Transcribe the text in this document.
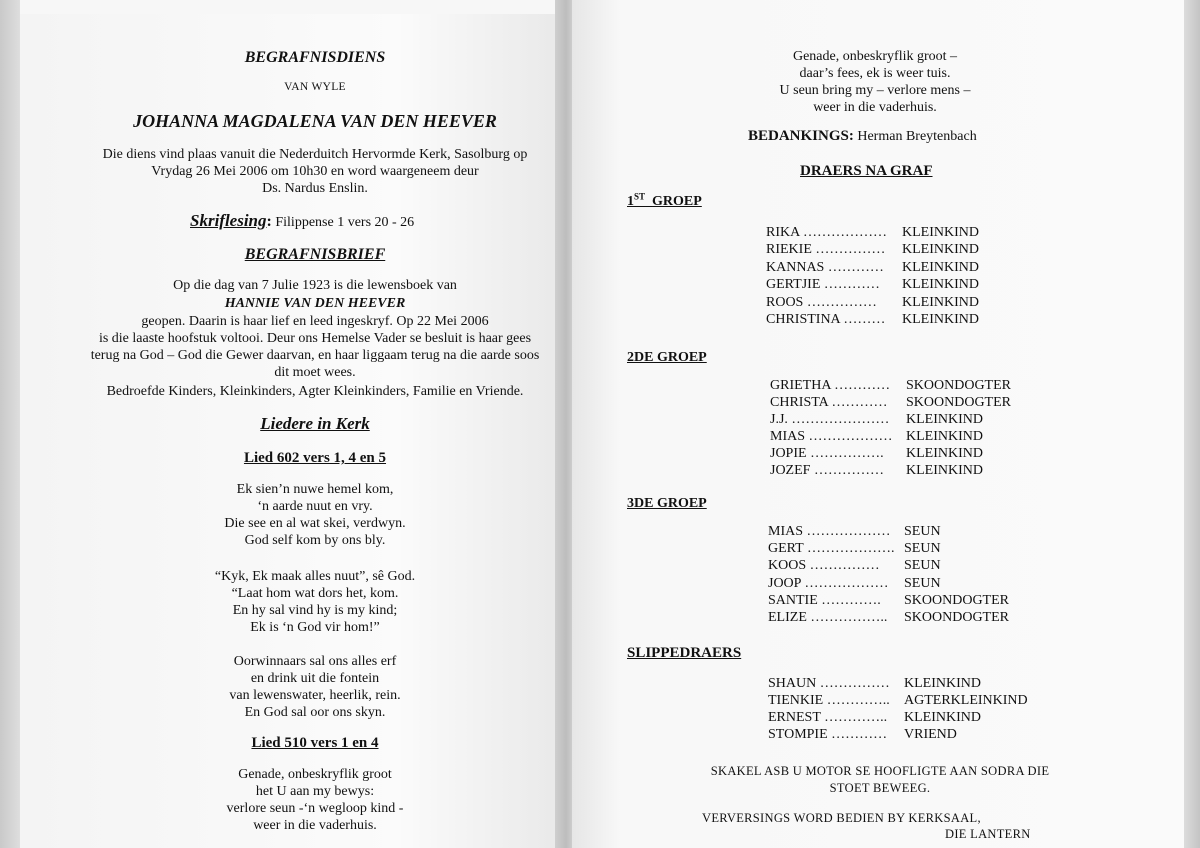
BEGRAFNISDIENS
VAN WYLE
JOHANNA MAGDALENA VAN DEN HEEVER
Die diens vind plaas vanuit die Nederduitch Hervormde Kerk, Sasolburg op
Vrydag 26 Mei 2006 om 10h30 en word waargeneem deur
Ds. Nardus Enslin.
Skriflesing: Filippense 1 vers 20 - 26
BEGRAFNISBRIEF
Op die dag van 7 Julie 1923 is die lewensboek van
HANNIE VAN DEN HEEVER
geopen. Daarin is haar lief en leed ingeskryf. Op 22 Mei 2006
is die laaste hoofstuk voltooi. Deur ons Hemelse Vader se besluit is haar gees
terug na God – God die Gewer daarvan, en haar liggaam terug na die aarde soos
dit moet wees.
Bedroefde Kinders, Kleinkinders, Agter Kleinkinders, Familie en Vriende.
Liedere in Kerk
Lied 602 vers 1, 4 en 5
Ek sien’n nuwe hemel kom,
‘n aarde nuut en vry.
Die see en al wat skei, verdwyn.
God self kom by ons bly.
“Kyk, Ek maak alles nuut”, sê God.
“Laat hom wat dors het, kom.
En hy sal vind hy is my kind;
Ek is ‘n God vir hom!”
Oorwinnaars sal ons alles erf
en drink uit die fontein
van lewenswater, heerlik, rein.
En God sal oor ons skyn.
Lied 510 vers 1 en 4
Genade, onbeskryflik groot
het U aan my bewys:
verlore seun -‘n wegloop kind -
weer in die vaderhuis.
Genade, onbeskryflik groot –
daar’s fees, ek is weer tuis.
U seun bring my – verlore mens –
weer in die vaderhuis.
BEDANKINGS: Herman Breytenbach
DRAERS NA GRAF
1ST GROEP
RIKA ……………… KLEINKIND
RIEKIE …………… KLEINKIND
KANNAS ………… KLEINKIND
GERTJIE ………… KLEINKIND
ROOS …………… KLEINKIND
CHRISTINA ……… KLEINKIND
2DE GROEP
GRIETHA ………… SKOONDOGTER
CHRISTA ………… SKOONDOGTER
J.J. ………………… KLEINKIND
MIAS ……………… KLEINKIND
JOPIE ……………. KLEINKIND
JOZEF …………… KLEINKIND
3DE GROEP
MIAS ……………… SEUN
GERT ………………. SEUN
KOOS …………… SEUN
JOOP ……………… SEUN
SANTIE …………. SKOONDOGTER
ELIZE …………….. SKOONDOGTER
SLIPPEDRAERS
SHAUN …………… KLEINKIND
TIENKIE ………….. AGTERKLEINKIND
ERNEST ………….. KLEINKIND
STOMPIE ………… VRIEND
SKAKEL ASB U MOTOR SE HOOFLIGTE AAN SODRA DIE
STOET BEWEEG.
VERVERSINGS WORD BEDIEN BY KERKSAAL,
DIE LANTERN
